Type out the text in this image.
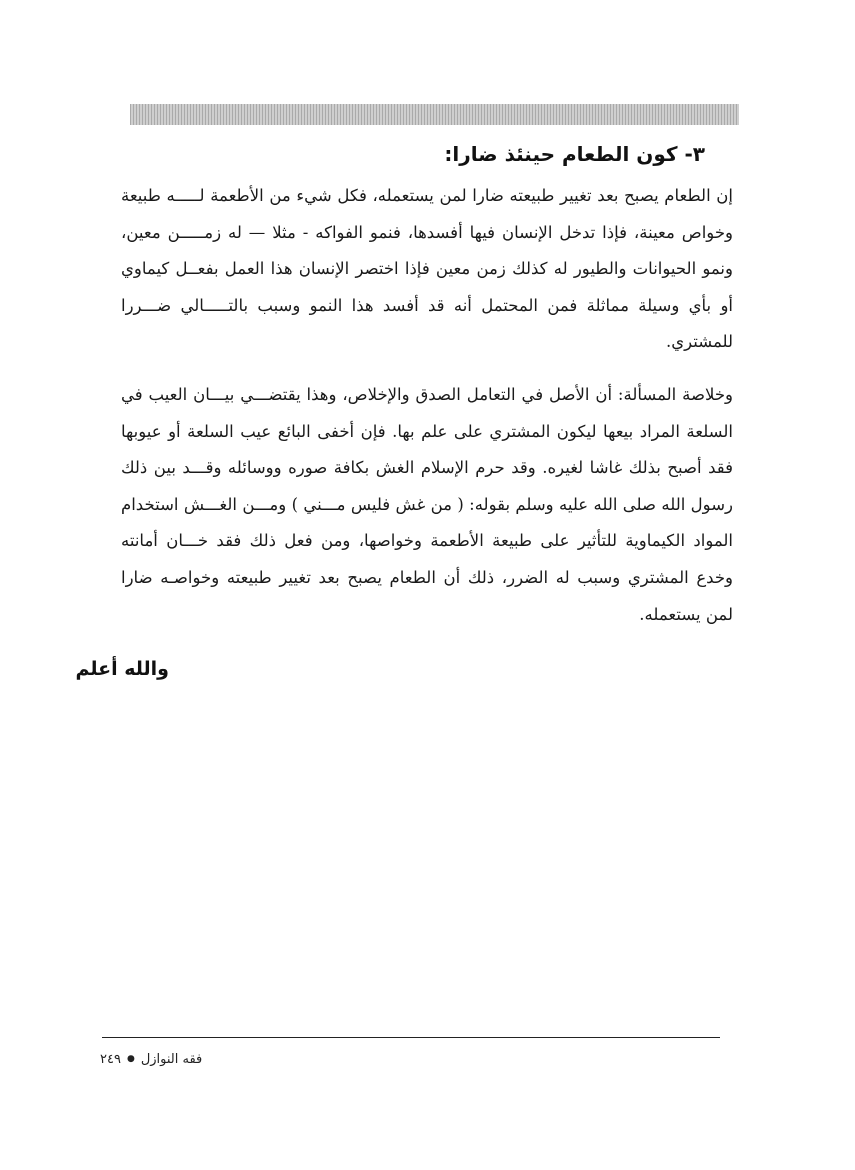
٣- كون الطعام حينئذ ضارا:

إن الطعام يصبح بعد تغيير طبيعته ضارا لمن يستعمله، فكل شيء من الأطعمة لـــــه طبيعة وخواص معينة، فإذا تدخل الإنسان فيها أفسدها، فنمو الفواكه - مثلا — له زمـــــن معين، ونمو الحيوانات والطيور له كذلك زمن معين فإذا اختصر الإنسان هذا العمل بفعــل كيماوي أو بأي وسيلة مماثلة فمن المحتمل أنه قد أفسد هذا النمو وسبب بالتـــــالي ضـــررا للمشتري.

وخلاصة المسألة: أن الأصل في التعامل الصدق والإخلاص، وهذا يقتضـــي بيـــان العيب في السلعة المراد بيعها ليكون المشتري على علم بها. فإن أخفى البائع عيب السلعة أو عيوبها فقد أصبح بذلك غاشا لغيره. وقد حرم الإسلام الغش بكافة صوره ووسائله وقـــد بين ذلك رسول الله صلى الله عليه وسلم بقوله: ( من غش فليس مـــني ) ومـــن الغـــش استخدام المواد الكيماوية للتأثير على طبيعة الأطعمة وخواصها، ومن فعل ذلك فقد خـــان أمانته وخدع المشتري وسبب له الضرر، ذلك أن الطعام يصبح بعد تغيير طبيعته وخواصـه ضارا لمن يستعمله.

والله أعلم

فقه النوازل
●
٢٤٩
